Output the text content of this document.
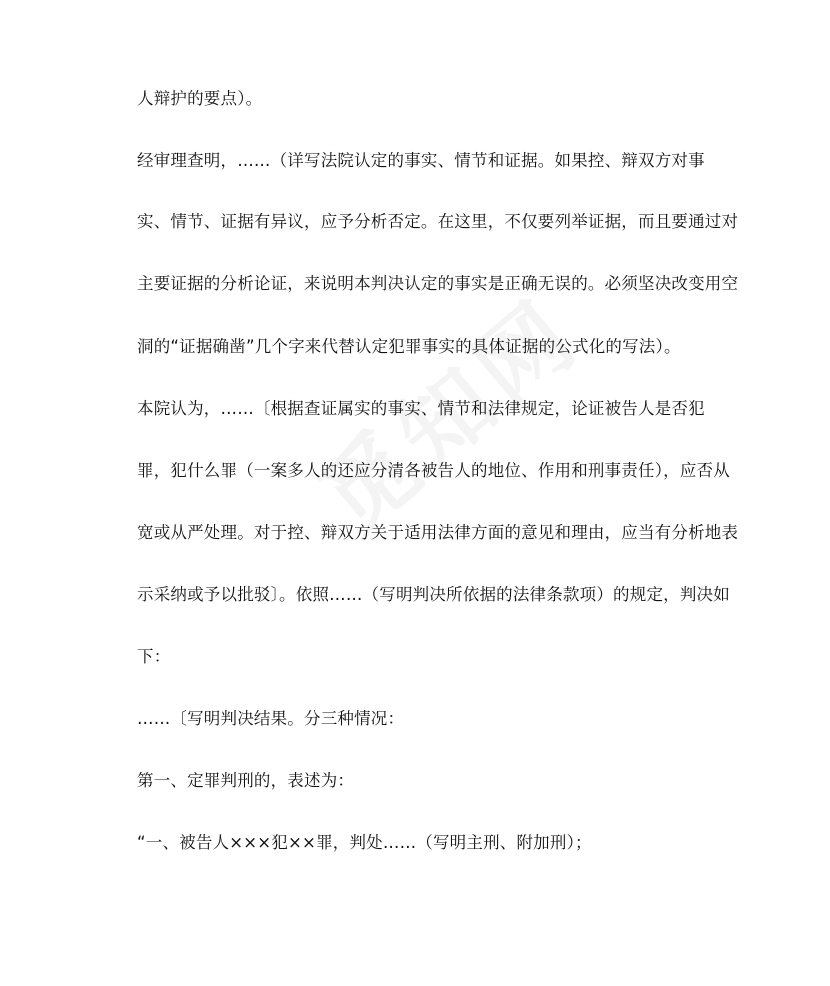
人辩护的要点）。
经审理查明，……（详写法院认定的事实、情节和证据。如果控、辩双方对事
实、情节、证据有异议，应予分析否定。在这里，不仅要列举证据，而且要通过对
主要证据的分析论证，来说明本判决认定的事实是正确无误的。必须坚决改变用空
洞的“证据确凿”几个字来代替认定犯罪事实的具体证据的公式化的写法）。
本院认为，……〔根据查证属实的事实、情节和法律规定，论证被告人是否犯
罪，犯什么罪（一案多人的还应分清各被告人的地位、作用和刑事责任），应否从
宽或从严处理。对于控、辩双方关于适用法律方面的意见和理由，应当有分析地表
示采纳或予以批驳〕。依照……（写明判决所依据的法律条款项）的规定，判决如
下：
……〔写明判决结果。分三种情况：
第一、定罪判刑的，表述为：
“一、被告人×××犯××罪，判处……（写明主刑、附加刑）；
